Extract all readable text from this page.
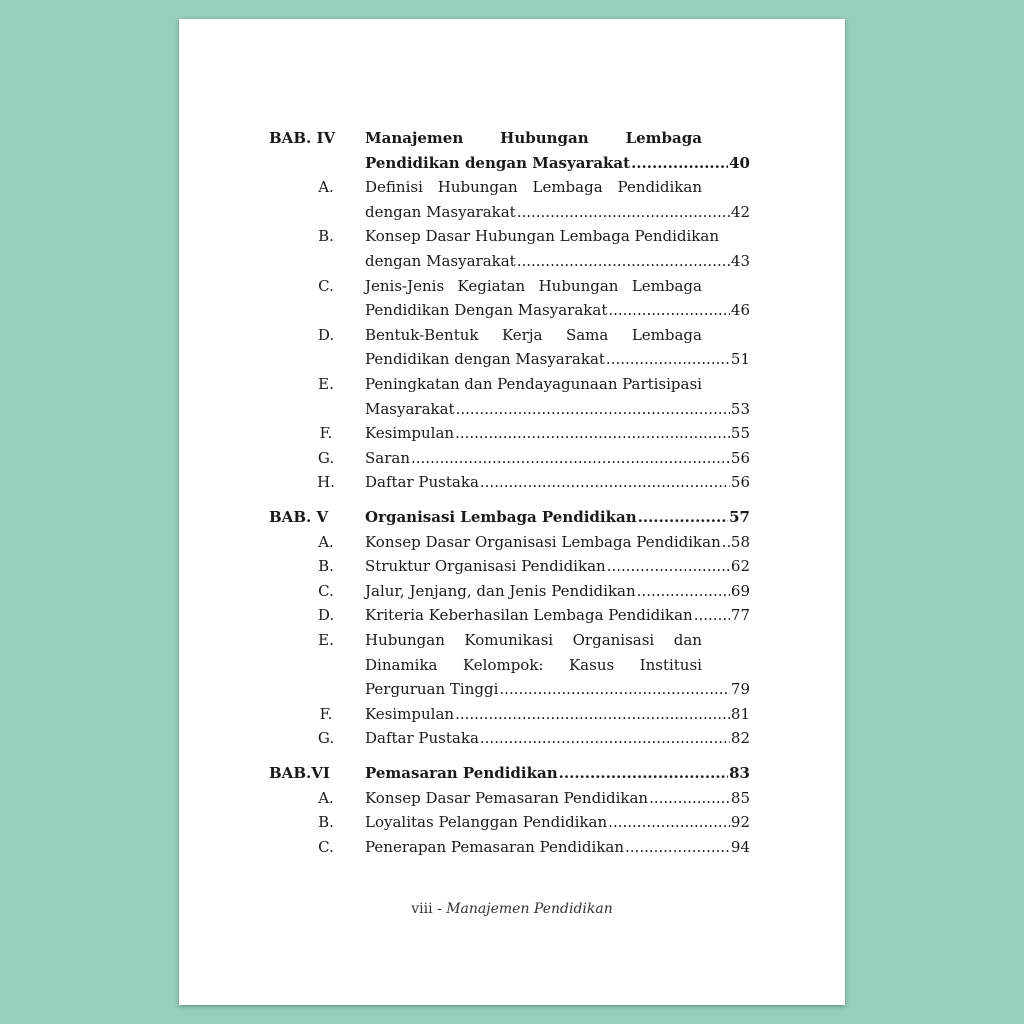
BAB. IV Manajemen Hubungan Lembaga
Pendidikan dengan Masyarakat .....	40
A. Definisi Hubungan Lembaga Pendidikan
dengan Masyarakat .....	42
B. Konsep Dasar Hubungan Lembaga Pendidikan
dengan Masyarakat .....	43
C. Jenis-Jenis Kegiatan Hubungan Lembaga
Pendidikan Dengan Masyarakat .....	46
D. Bentuk-Bentuk Kerja Sama Lembaga
Pendidikan dengan Masyarakat .....	51
E. Peningkatan dan Pendayagunaan Partisipasi
Masyarakat .....	53
F. Kesimpulan .....	55
G. Saran .....	56
H. Daftar Pustaka .....	56
BAB. V Organisasi Lembaga Pendidikan .....	57
A. Konsep Dasar Organisasi Lembaga Pendidikan ..... 58
B. Struktur Organisasi Pendidikan .....	62
C. Jalur, Jenjang, dan Jenis Pendidikan .....	69
D. Kriteria Keberhasilan Lembaga Pendidikan .....	77
E. Hubungan Komunikasi Organisasi dan
Dinamika Kelompok: Kasus Institusi
Perguruan Tinggi .....	79
F. Kesimpulan .....	81
G. Daftar Pustaka .....	82
BAB.VI Pemasaran Pendidikan .....	83
A. Konsep Dasar Pemasaran Pendidikan .....	85
B. Loyalitas Pelanggan Pendidikan .....	92
C. Penerapan Pemasaran Pendidikan .....	94
viii - Manajemen Pendidikan
